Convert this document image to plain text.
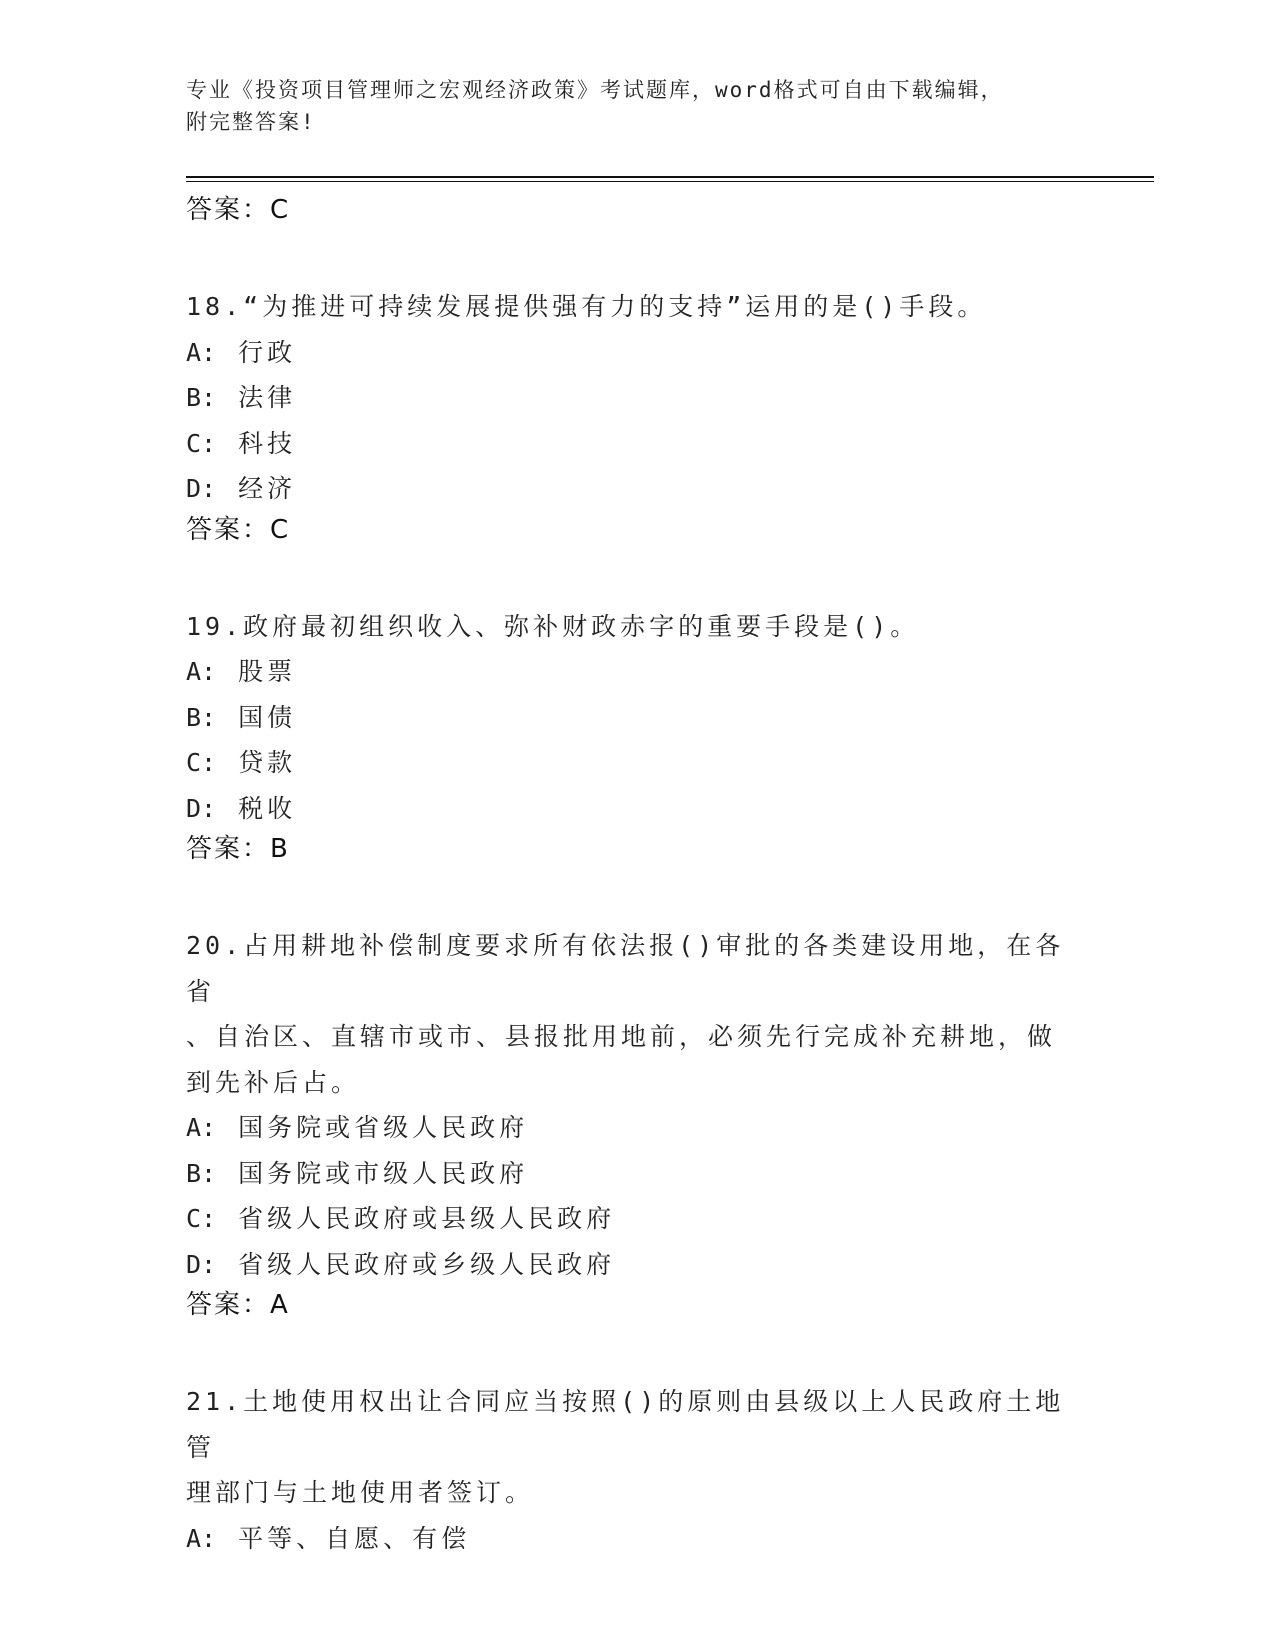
专业《投资项目管理师之宏观经济政策》考试题库，word格式可自由下载编辑，
附完整答案!
答案：C
18.“为推进可持续发展提供强有力的支持”运用的是()手段。
A: 行政
B: 法律
C: 科技
D: 经济
答案：C
19.政府最初组织收入、弥补财政赤字的重要手段是()。
A: 股票
B: 国债
C: 贷款
D: 税收
答案：B
20.占用耕地补偿制度要求所有依法报()审批的各类建设用地，在各省
、自治区、直辖市或市、县报批用地前，必须先行完成补充耕地，做
到先补后占。
A: 国务院或省级人民政府
B: 国务院或市级人民政府
C: 省级人民政府或县级人民政府
D: 省级人民政府或乡级人民政府
答案：A
21.土地使用权出让合同应当按照()的原则由县级以上人民政府土地管
理部门与土地使用者签订。
A: 平等、自愿、有偿
